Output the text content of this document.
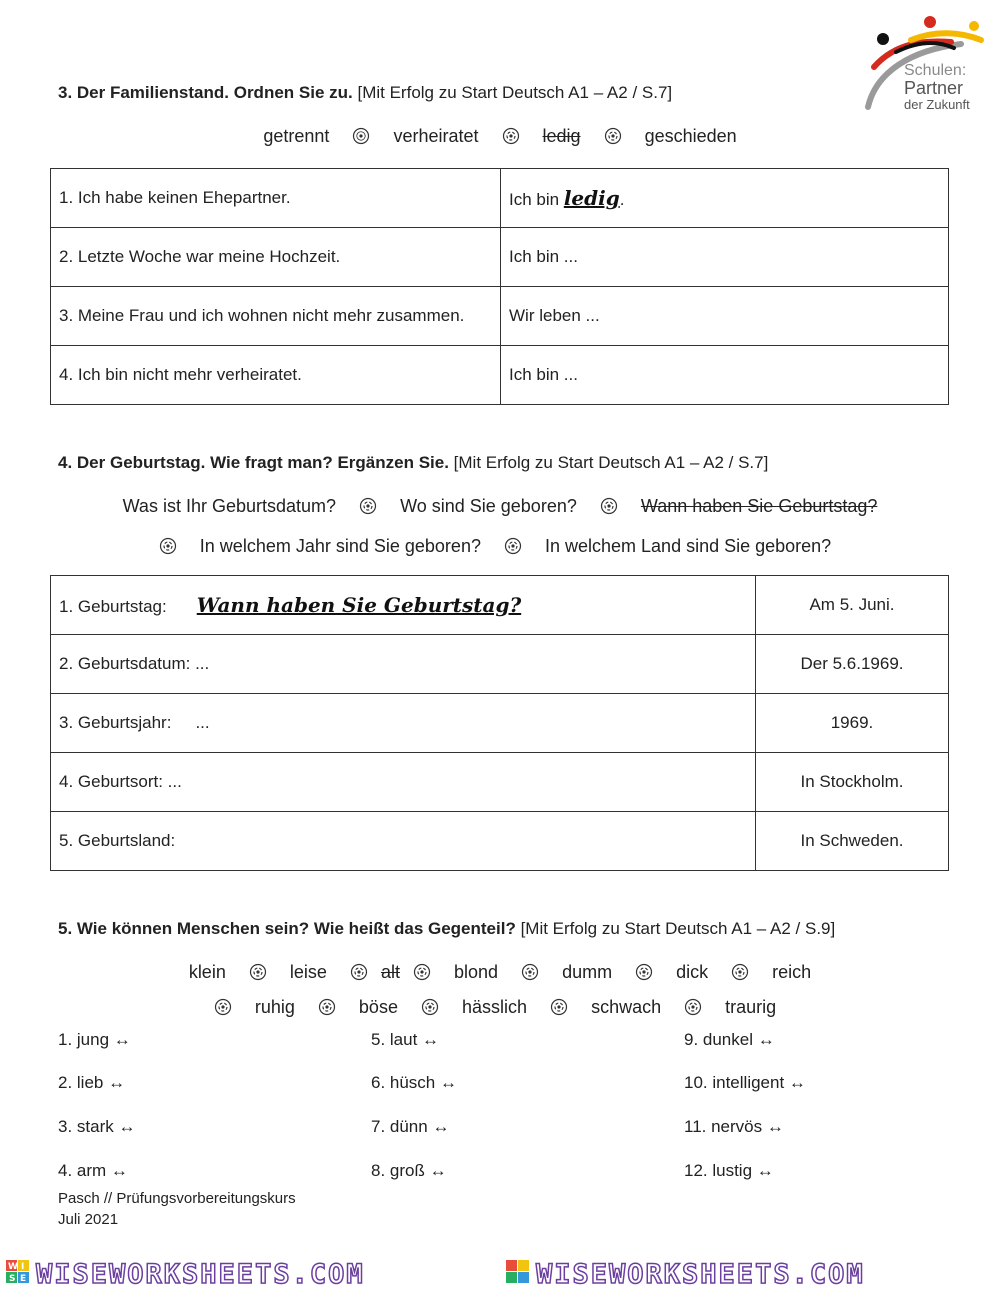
Schulen:
Partner
der Zukunft
3. Der Familienstand. Ordnen Sie zu. [Mit Erfolg zu Start Deutsch A1 – A2 / S.7]
getrennt	verheiratet	ledig	geschieden
1. Ich habe keinen Ehepartner.	Ich bin ledig.
2. Letzte Woche war meine Hochzeit.	Ich bin ...
3. Meine Frau und ich wohnen nicht mehr zusammen.	Wir leben ...
4. Ich bin nicht mehr verheiratet.	Ich bin ...
4. Der Geburtstag. Wie fragt man? Ergänzen Sie. [Mit Erfolg zu Start Deutsch A1 – A2 / S.7]
Was ist Ihr Geburtsdatum?	Wo sind Sie geboren?	Wann haben Sie Geburtstag?
In welchem Jahr sind Sie geboren?	In welchem Land sind Sie geboren?
1. Geburtstag: Wann haben Sie Geburtstag?	Am 5. Juni.
2. Geburtsdatum: ...	Der 5.6.1969.
3. Geburtsjahr: ...	1969.
4. Geburtsort: ...	In Stockholm.
5. Geburtsland:	In Schweden.
5. Wie können Menschen sein? Wie heißt das Gegenteil? [Mit Erfolg zu Start Deutsch A1 – A2 / S.9]
klein	leise	alt	blond	dumm	dick	reich
ruhig	böse	hässlich	schwach	traurig
1. jung ↔	5. laut ↔	9. dunkel ↔
2. lieb ↔	6. hüsch ↔	10. intelligent ↔
3. stark ↔	7. dünn ↔	11. nervös ↔
4. arm ↔	8. groß ↔	12. lustig ↔
Pasch // Prüfungsvorbereitungskurs
Juli 2021
W I
S E WISEWORKSHEETS.COM	WISEWORKSHEETS.COM
